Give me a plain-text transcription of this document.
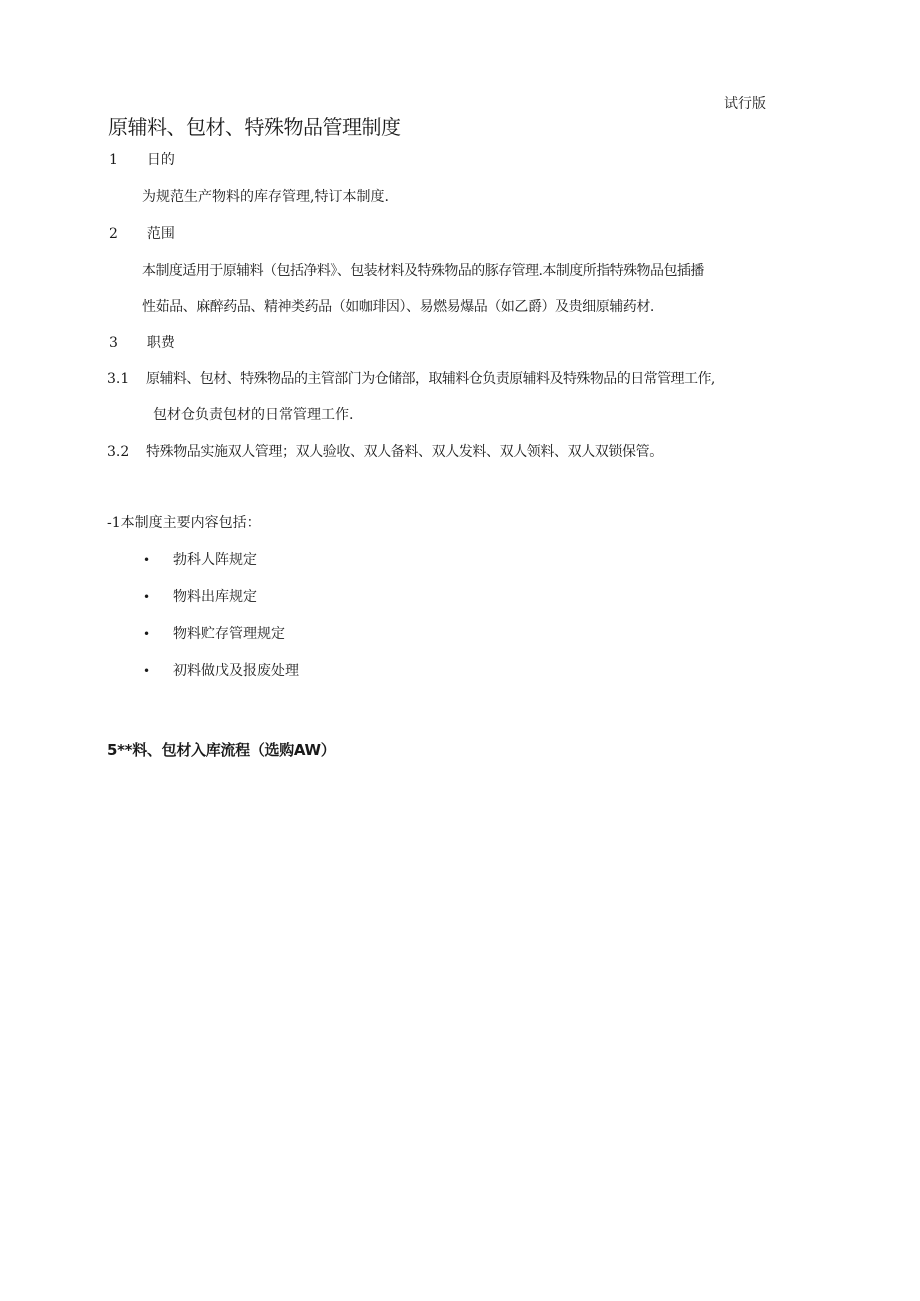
试行版
原辅料、包材、特殊物品管理制度
1 日的
为规范生产物料的库存管理,特订本制度.
2 范围
本制度适用于原辅料（包括净料》、包装材料及特殊物品的豚存管理.本制度所指特殊物品包插播
性茹品、麻醉药品、精神类药品（如咖琲因）、易燃易爆品（如乙爵）及贵细原辅药材.
3 职费
3.1 原辅料、包材、特殊物品的主管部门为仓储部，取辅料仓负责原辅料及特殊物品的日常管理工作,
包材仓负责包材的日常管理工作.
3.2 特殊物品实施双人管理；双人验收、双人备料、双人发料、双人领料、双人双锁保管。
-1本制度主要内容包括：
• 勃科人阵规定
• 物料出库规定
• 物料贮存管理规定
• 初料做戊及报废处理
5**料、包材入库流程（选购AW）
